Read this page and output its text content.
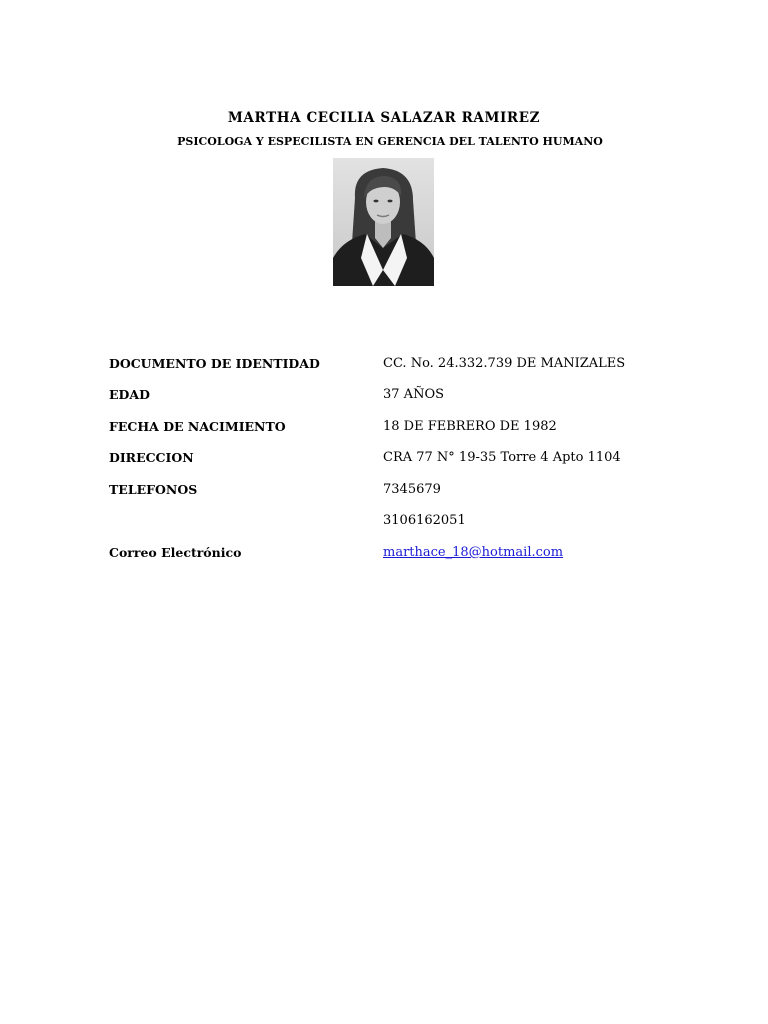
MARTHA CECILIA SALAZAR RAMIREZ
PSICOLOGA Y ESPECILISTA EN GERENCIA DEL TALENTO HUMANO
DOCUMENTO DE IDENTIDAD	CC. No. 24.332.739 DE MANIZALES
EDAD	37 AÑOS
FECHA DE NACIMIENTO	18 DE FEBRERO DE 1982
DIRECCION	CRA 77 N° 19-35 Torre 4 Apto 1104
TELEFONOS	7345679
3106162051
Correo Electrónico	marthace_18@hotmail.com
